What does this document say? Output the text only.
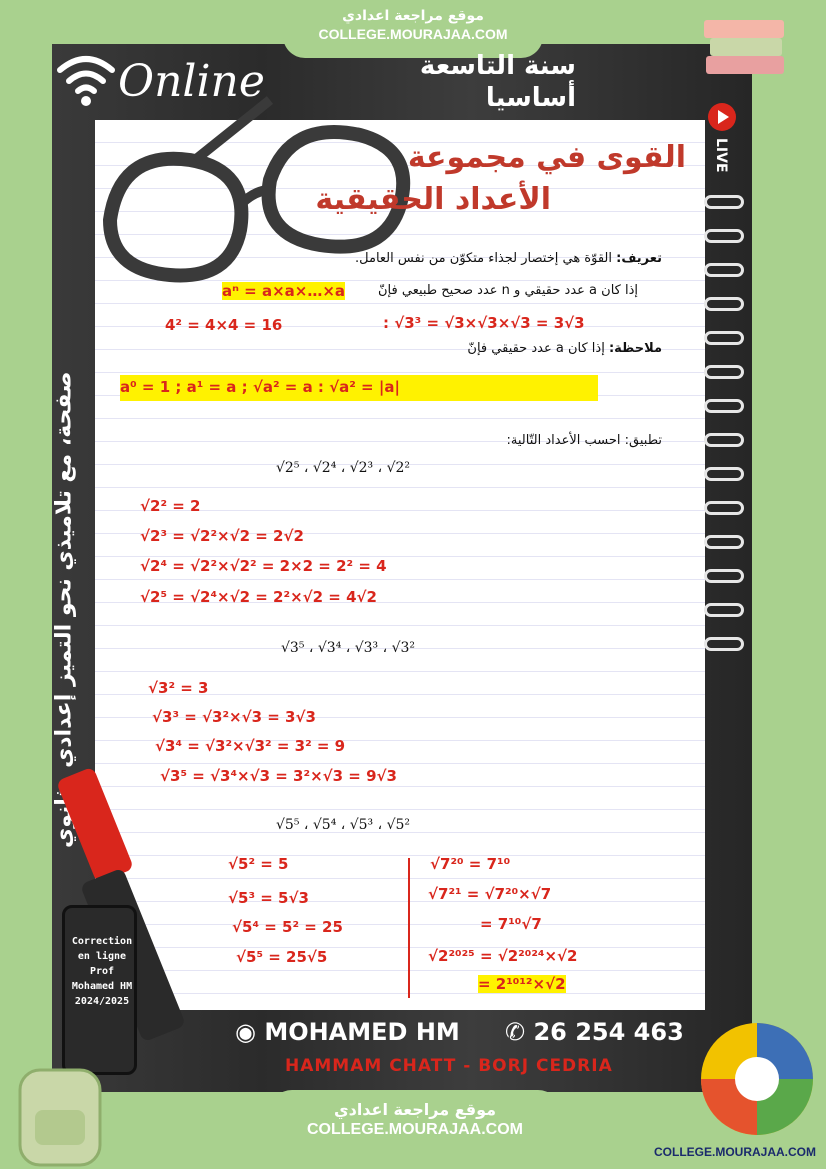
موقع مراجعة اعدادي
COLLEGE.MOURAJAA.COM
Online	سنة التاسعة
أساسيا
LIVE
صفحة، مع تلاميذي نحو التميز إعدادي وثانوي
القوى في مجموعة
الأعداد الحقيقية
تعريف: القوّة هي إختصار لجذاء متكوّن من نفس العامل.
إذا كان a عدد حقيقي و n عدد صحيح طبيعي فإنّ
aⁿ = a×a×…×a
4² = 4×4 = 16	: √3³ = √3×√3×√3 = 3√3
ملاحظة: إذا كان a عدد حقيقي فإنّ
a⁰ = 1 ; a¹ = a ; √a² = a : √a² = |a|
تطبيق: احسب الأعداد التّالية:
√2⁵ ، √2⁴ ، √2³ ، √2²
√2² = 2
√2³ = √2²×√2 = 2√2
√2⁴ = √2²×√2² = 2×2 = 2² = 4
√2⁵ = √2⁴×√2 = 2²×√2 = 4√2
√3⁵ ، √3⁴ ، √3³ ، √3²
√3² = 3
√3³ = √3²×√3 = 3√3
√3⁴ = √3²×√3² = 3² = 9
√3⁵ = √3⁴×√3 = 3²×√3 = 9√3
√5⁵ ، √5⁴ ، √5³ ، √5²
√5² = 5
√5³ = 5√3
√5⁴ = 5² = 25
√5⁵ = 25√5
√7²⁰ = 7¹⁰
√7²¹ = √7²⁰×√7
= 7¹⁰√7
√2²⁰²⁵ = √2²⁰²⁴×√2
= 2¹⁰¹²×√2
Correction
en ligne
Prof
Mohamed HM
2024/2025
◉ MOHAMED HM ✆ 26 254 463
HAMMAM CHATT - BORJ CEDRIA
موقع مراجعة اعدادي
COLLEGE.MOURAJAA.COM
COLLEGE.MOURAJAA.COM
